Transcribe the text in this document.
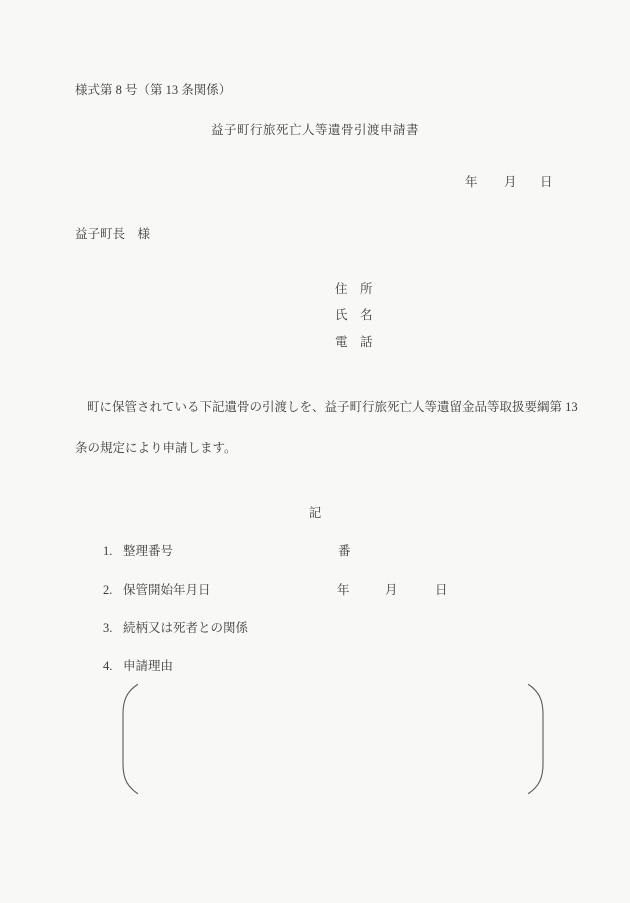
様式第 8 号（第 13 条関係）
益子町行旅死亡人等遺骨引渡申請書
年 月 日
益子町長　様
住　所
氏　名
電　話
町に保管されている下記遺骨の引渡しを、益子町行旅死亡人等遺留金品等取扱要綱第 13
条の規定により申請します。
記
1. 整理番号	番
2. 保管開始年月日	年	月	日
3. 続柄又は死者との関係
4. 申請理由
